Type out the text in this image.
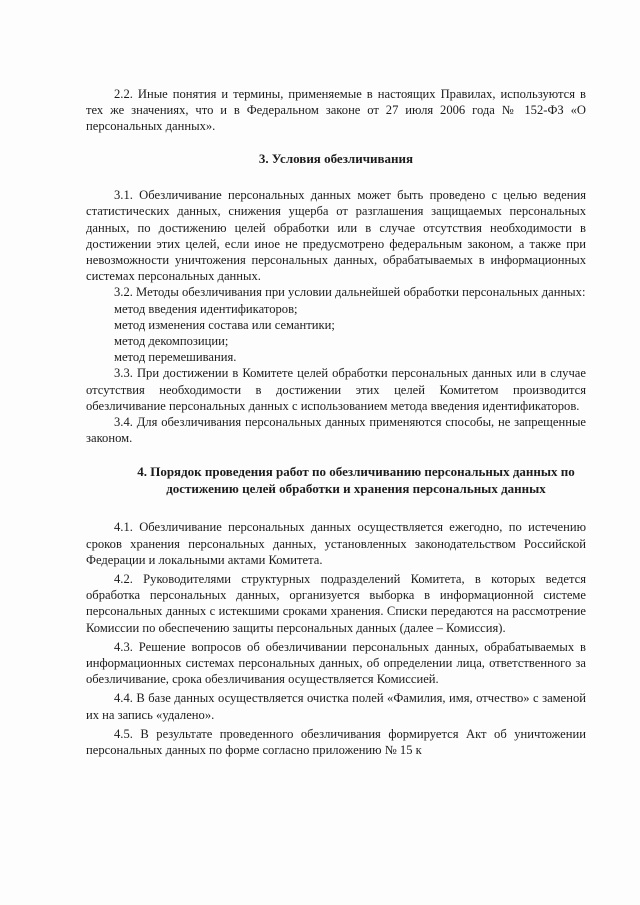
2.2. Иные понятия и термины, применяемые в настоящих Правилах, используются в тех же значениях, что и в Федеральном законе от 27 июля 2006 года № 152-ФЗ «О персональных данных».

3. Условия обезличивания

3.1. Обезличивание персональных данных может быть проведено с целью ведения статистических данных, снижения ущерба от разглашения защищаемых персональных данных, по достижению целей обработки или в случае отсутствия необходимости в достижении этих целей, если иное не предусмотрено федеральным законом, а также при невозможности уничтожения персональных данных, обрабатываемых в информационных системах персональных данных.

3.2. Методы обезличивания при условии дальнейшей обработки персональных данных:

метод введения идентификаторов;

метод изменения состава или семантики;

метод декомпозиции;

метод перемешивания.

3.3. При достижении в Комитете целей обработки персональных данных или в случае отсутствия необходимости в достижении этих целей Комитетом производится обезличивание персональных данных с использованием метода введения идентификаторов.

3.4. Для обезличивания персональных данных применяются способы, не запрещенные законом.

4. Порядок проведения работ по обезличиванию персональных данных по достижению целей обработки и хранения персональных данных

4.1. Обезличивание персональных данных осуществляется ежегодно, по истечению сроков хранения персональных данных, установленных законодательством Российской Федерации и локальными актами Комитета.

4.2. Руководителями структурных подразделений Комитета, в которых ведется обработка персональных данных, организуется выборка в информационной системе персональных данных с истекшими сроками хранения. Списки передаются на рассмотрение Комиссии по обеспечению защиты персональных данных (далее – Комиссия).

4.3. Решение вопросов об обезличивании персональных данных, обрабатываемых в информационных системах персональных данных, об определении лица, ответственного за обезличивание, срока обезличивания осуществляется Комиссией.

4.4. В базе данных осуществляется очистка полей «Фамилия, имя, отчество» с заменой их на запись «удалено».

4.5. В результате проведенного обезличивания формируется Акт об уничтожении персональных данных по форме согласно приложению № 15 к
